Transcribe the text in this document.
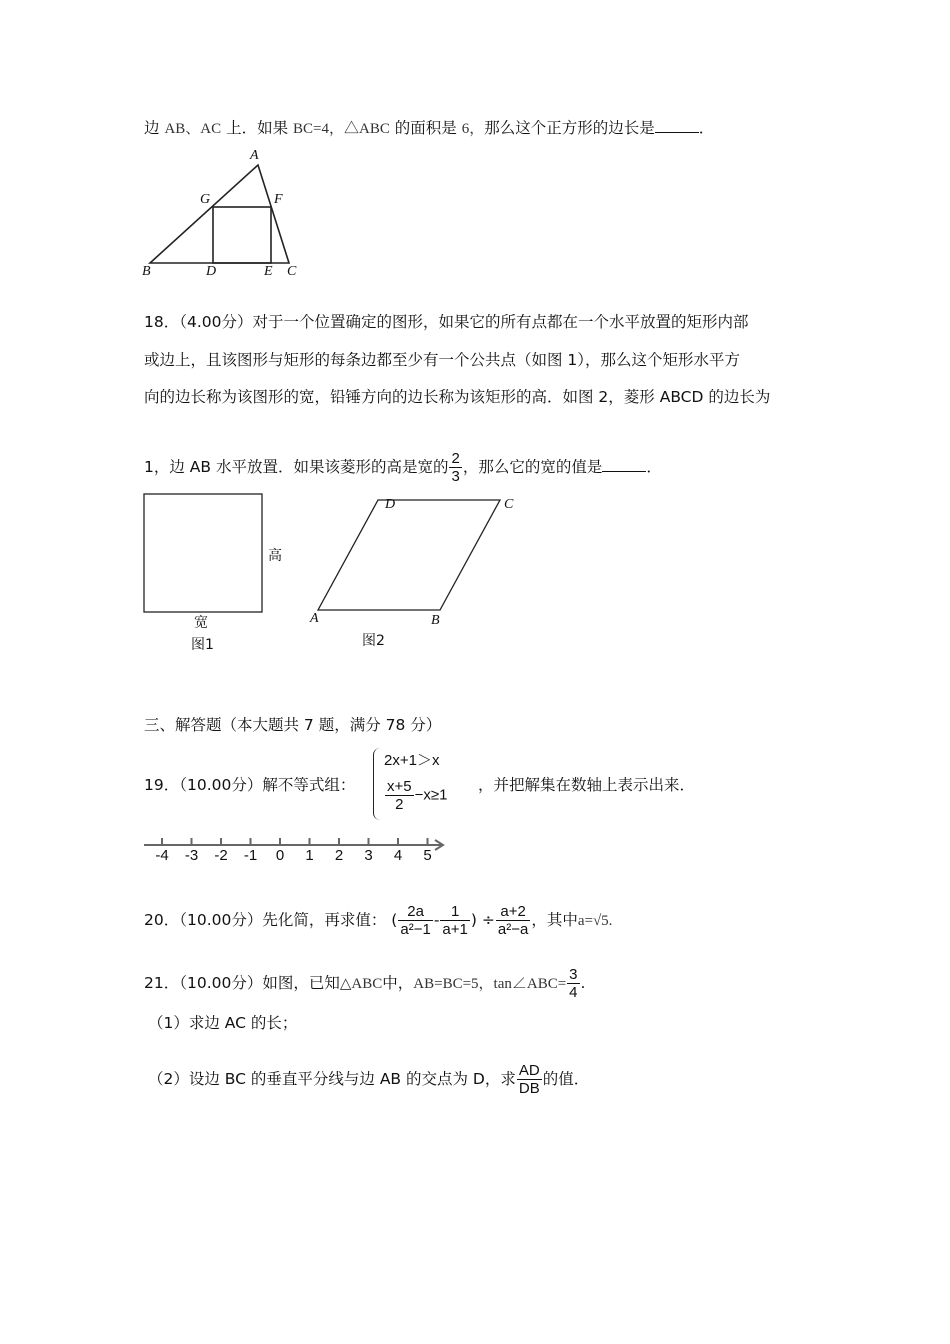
边 AB、AC 上．如果 BC=4，△ABC 的面积是 6，那么这个正方形的边长是	．
A
G	F
B	D	E C
18．（4.00分）对于一个位置确定的图形，如果它的所有点都在一个水平放置的矩形内部
或边上，且该图形与矩形的每条边都至少有一个公共点（如图 1），那么这个矩形水平方
向的边长称为该图形的宽，铅锤方向的边长称为该矩形的高．如图 2，菱形 ABCD 的边长为
1，边 AB 水平放置．如果该菱形的高是宽的 $\frac{2}{3}$ ，那么它的宽的值是	．
高
宽
图1	图2
D	C
A	B
三、解答题（本大题共 7 题，满分 78 分）
19．（10.00分）解不等式组：
2x+1＞x
$\frac{x+5}{2} -x\ge 1$
，并把解集在数轴上表示出来．
-4 -3 -2 -1 0 1 2 3 4 5
20．（10.00分）先化简，再求值： ( $\frac{2a}{\text{a²−1}} - \frac{1}{a+1}$ ) ÷ $\frac{a+2}{\text{a²−a}}$ ，其中a=√5.
21．（10.00分）如图，已知△ABC中，AB=BC=5，tan∠ABC= $\frac{3}{4}$ .
（1）求边 AC 的长；
（2）设边 BC 的垂直平分线与边 AB 的交点为 D，求 $\frac{AD}{DB}$ 的值．
